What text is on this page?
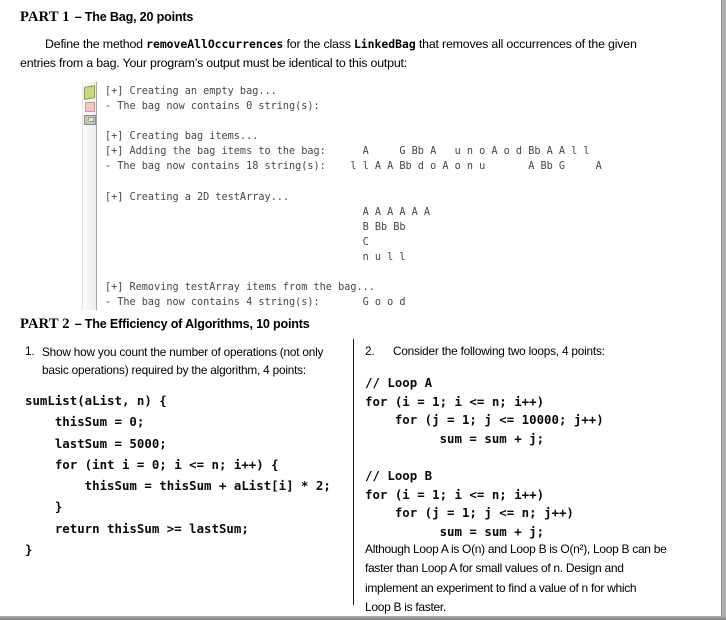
PART 1 – The Bag, 20 points
Define the method removeAllOccurrences for the class LinkedBag that removes all occurrences of the given
entries from a bag. Your program’s output must be identical to this output:
[+] Creating an empty bag...
- The bag now contains 0 string(s):
[+] Creating bag items...
[+] Adding the bag items to the bag:      A     G Bb A   u n o A o d Bb A A l l
- The bag now contains 18 string(s):    l l A A Bb d o A o n u       A Bb G     A
[+] Creating a 2D testArray...
A A A A A A
B Bb Bb
C
n u l l
[+] Removing testArray items from the bag...
- The bag now contains 4 string(s):       G o o d
PART 2 – The Efficiency of Algorithms, 10 points
1. Show how you count the number of operations (not only
basic operations) required by the algorithm, 4 points:
sumList(aList, n) {
thisSum = 0;
lastSum = 5000;
for (int i = 0; i <= n; i++) {
thisSum = thisSum + aList[i] * 2;
}
return thisSum >= lastSum;
}
2. Consider the following two loops, 4 points:
// Loop A
for (i = 1; i <= n; i++)
for (j = 1; j <= 10000; j++)
sum = sum + j;
// Loop B
for (i = 1; i <= n; i++)
for (j = 1; j <= n; j++)
sum = sum + j;
Although Loop A is O(n) and Loop B is O(n²), Loop B can be
faster than Loop A for small values of n. Design and
implement an experiment to find a value of n for which
Loop B is faster.
